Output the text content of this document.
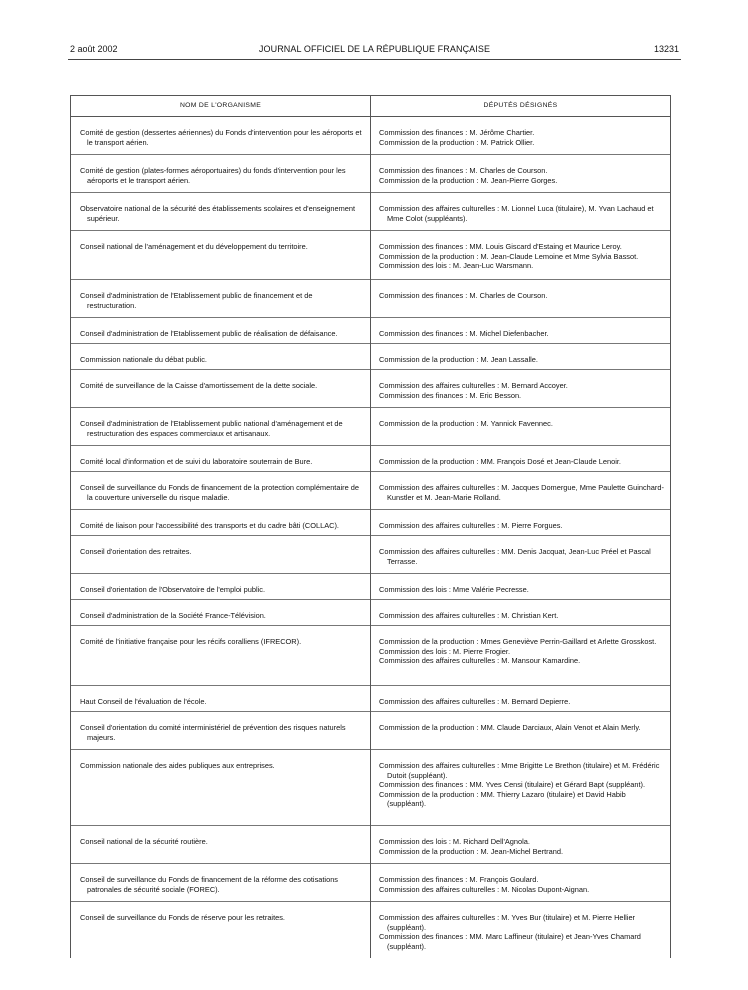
2 août 2002	JOURNAL OFFICIEL DE LA RÉPUBLIQUE FRANÇAISE	13231
NOM DE L'ORGANISME	DÉPUTÉS DÉSIGNÉS

Comité de gestion (dessertes aériennes) du Fonds d'intervention pour les aéroports et le transport aérien.	Commission des finances : M. Jérôme Chartier.
Commission de la production : M. Patrick Ollier.

Comité de gestion (plates-formes aéroportuaires) du fonds d'intervention pour les aéroports et le transport aérien.	Commission des finances : M. Charles de Courson.
Commission de la production : M. Jean-Pierre Gorges.

Observatoire national de la sécurité des établissements scolaires et d'enseignement supérieur.	Commission des affaires culturelles : M. Lionnel Luca (titulaire), M. Yvan Lachaud et Mme Colot (suppléants).

Conseil national de l'aménagement et du développement du territoire.	Commission des finances : MM. Louis Giscard d'Estaing et Maurice Leroy.
Commission de la production : M. Jean-Claude Lemoine et Mme Sylvia Bassot.
Commission des lois : M. Jean-Luc Warsmann.

Conseil d'administration de l'Etablissement public de financement et de restructuration.	Commission des finances : M. Charles de Courson.

Conseil d'administration de l'Etablissement public de réalisation de défaisance.	Commission des finances : M. Michel Diefenbacher.

Commission nationale du débat public.	Commission de la production : M. Jean Lassalle.

Comité de surveillance de la Caisse d'amortissement de la dette sociale.	Commission des affaires culturelles : M. Bernard Accoyer.
Commission des finances : M. Eric Besson.

Conseil d'administration de l'Etablissement public national d'aménagement et de restructuration des espaces commerciaux et artisanaux.	Commission de la production : M. Yannick Favennec.

Comité local d'information et de suivi du laboratoire souterrain de Bure.	Commission de la production : MM. François Dosé et Jean-Claude Lenoir.

Conseil de surveillance du Fonds de financement de la protection complémentaire de la couverture universelle du risque maladie.	Commission des affaires culturelles : M. Jacques Domergue, Mme Paulette Guinchard-Kunstler et M. Jean-Marie Rolland.

Comité de liaison pour l'accessibilité des transports et du cadre bâti (COLLAC).	Commission des affaires culturelles : M. Pierre Forgues.

Conseil d'orientation des retraites.	Commission des affaires culturelles : MM. Denis Jacquat, Jean-Luc Préel et Pascal Terrasse.

Conseil d'orientation de l'Observatoire de l'emploi public.	Commission des lois : Mme Valérie Pecresse.

Conseil d'administration de la Société France-Télévision.	Commission des affaires culturelles : M. Christian Kert.

Comité de l'initiative française pour les récifs coralliens (IFRECOR).	Commission de la production : Mmes Geneviève Perrin-Gaillard et Arlette Grosskost.
Commission des lois : M. Pierre Frogier.
Commission des affaires culturelles : M. Mansour Kamardine.

Haut Conseil de l'évaluation de l'école.	Commission des affaires culturelles : M. Bernard Depierre.

Conseil d'orientation du comité interministériel de prévention des risques naturels majeurs.	Commission de la production : MM. Claude Darciaux, Alain Venot et Alain Merly.

Commission nationale des aides publiques aux entreprises.	Commission des affaires culturelles : Mme Brigitte Le Brethon (titulaire) et M. Frédéric Dutoit (suppléant).
Commission des finances : MM. Yves Censi (titulaire) et Gérard Bapt (suppléant).
Commission de la production : MM. Thierry Lazaro (titulaire) et David Habib (suppléant).

Conseil national de la sécurité routière.	Commission des lois : M. Richard Dell'Agnola.
Commission de la production : M. Jean-Michel Bertrand.

Conseil de surveillance du Fonds de financement de la réforme des cotisations patronales de sécurité sociale (FOREC).	Commission des finances : M. François Goulard.
Commission des affaires culturelles : M. Nicolas Dupont-Aignan.

Conseil de surveillance du Fonds de réserve pour les retraites.	Commission des affaires culturelles : M. Yves Bur (titulaire) et M. Pierre Hellier (suppléant).
Commission des finances : MM. Marc Laffineur (titulaire) et Jean-Yves Chamard (suppléant).
